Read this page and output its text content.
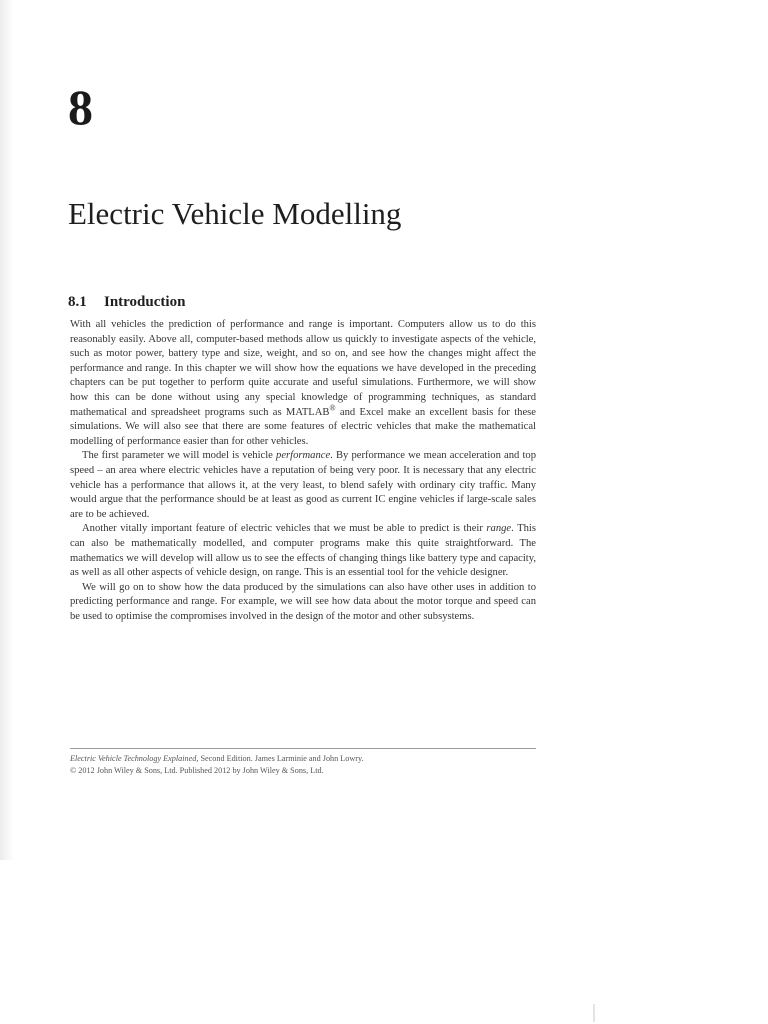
8
Electric Vehicle Modelling
8.1 Introduction

With all vehicles the prediction of performance and range is important. Computers allow us to do this reasonably easily. Above all, computer-based methods allow us quickly to investigate aspects of the vehicle, such as motor power, battery type and size, weight, and so on, and see how the changes might affect the performance and range. In this chapter we will show how the equations we have developed in the preceding chapters can be put together to perform quite accurate and useful simulations. Furthermore, we will show how this can be done without using any special knowledge of programming techniques, as standard mathematical and spreadsheet programs such as MATLAB® and Excel make an excellent basis for these simulations. We will also see that there are some features of electric vehicles that make the mathematical modelling of performance easier than for other vehicles.

The first parameter we will model is vehicle performance. By performance we mean acceleration and top speed – an area where electric vehicles have a reputation of being very poor. It is necessary that any electric vehicle has a performance that allows it, at the very least, to blend safely with ordinary city traffic. Many would argue that the performance should be at least as good as current IC engine vehicles if large-scale sales are to be achieved.

Another vitally important feature of electric vehicles that we must be able to predict is their range. This can also be mathematically modelled, and computer programs make this quite straightforward. The mathematics we will develop will allow us to see the effects of changing things like battery type and capacity, as well as all other aspects of vehicle design, on range. This is an essential tool for the vehicle designer.

We will go on to show how the data produced by the simulations can also have other uses in addition to predicting performance and range. For example, we will see how data about the motor torque and speed can be used to optimise the compromises involved in the design of the motor and other subsystems.

Electric Vehicle Technology Explained, Second Edition. James Larminie and John Lowry.
© 2012 John Wiley & Sons, Ltd. Published 2012 by John Wiley & Sons, Ltd.
